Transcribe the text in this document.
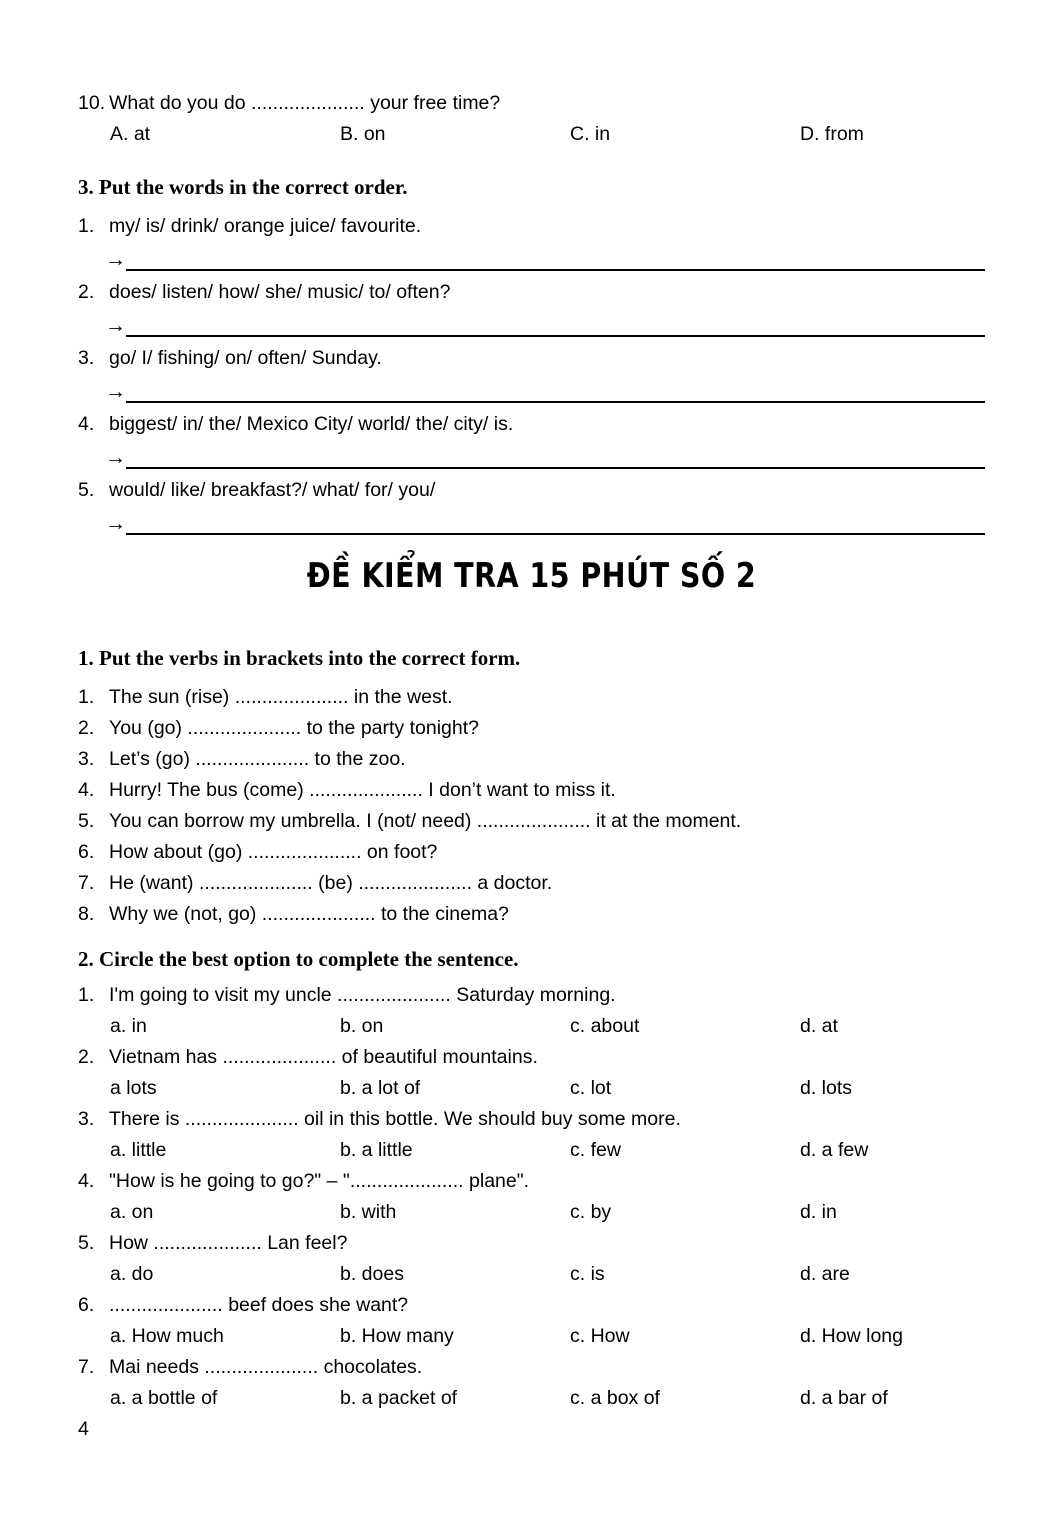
10. What do you do ..................... your free time?
A. at	B. on	C. in	D. from
3. Put the words in the correct order.
1. my/ is/ drink/ orange juice/ favourite.
→
2. does/ listen/ how/ she/ music/ to/ often?
→
3. go/ I/ fishing/ on/ often/ Sunday.
→
4. biggest/ in/ the/ Mexico City/ world/ the/ city/ is.
→
5. would/ like/ breakfast?/ what/ for/ you/
→
ĐỀ KIỂM TRA 15 PHÚT SỐ 2
1. Put the verbs in brackets into the correct form.
1. The sun (rise) ..................... in the west.
2. You (go) ..................... to the party tonight?
3. Let’s (go) ..................... to the zoo.
4. Hurry! The bus (come) ..................... I don’t want to miss it.
5. You can borrow my umbrella. I (not/ need) ..................... it at the moment.
6. How about (go) ..................... on foot?
7. He (want) ..................... (be) ..................... a doctor.
8. Why we (not, go) ..................... to the cinema?
2. Circle the best option to complete the sentence.
1. I'm going to visit my uncle ..................... Saturday morning.
a. in	b. on	c. about	d. at
2. Vietnam has ..................... of beautiful mountains.
a lots	b. a lot of	c. lot	d. lots
3. There is ..................... oil in this bottle. We should buy some more.
a. little	b. a little	c. few	d. a few
4. "How is he going to go?" – "..................... plane".
a. on	b. with	c. by	d. in
5. How .................... Lan feel?
a. do	b. does	c. is	d. are
6. ..................... beef does she want?
a. How much	b. How many	c. How	d. How long
7. Mai needs ..................... chocolates.
a. a bottle of	b. a packet of	c. a box of	d. a bar of
4
